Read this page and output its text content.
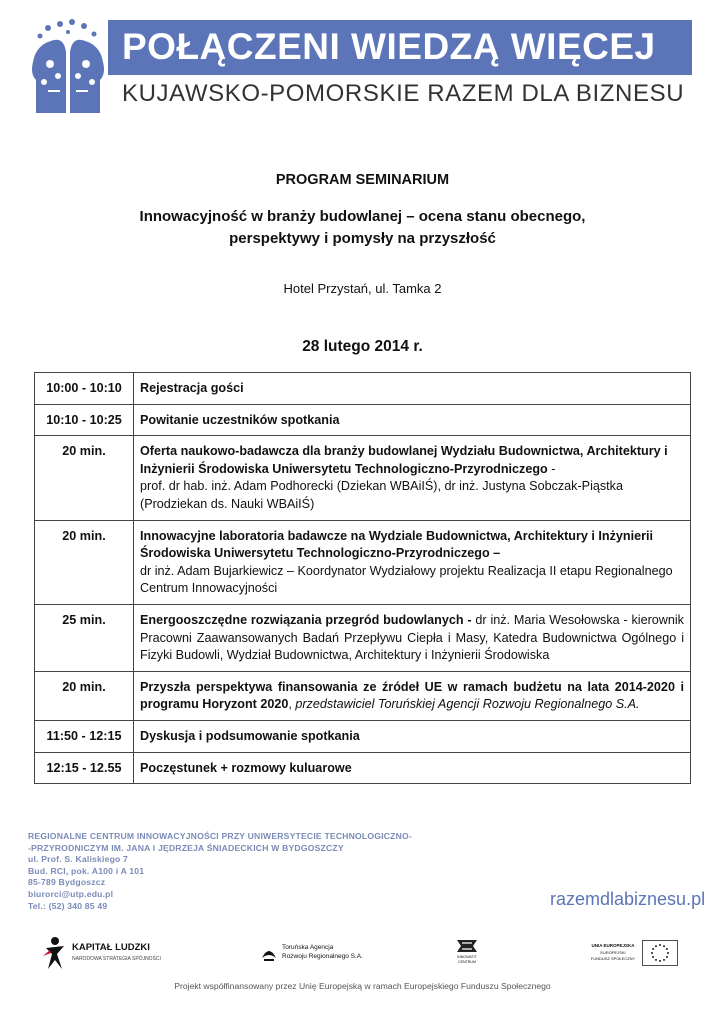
POŁĄCZENI WIEDZĄ WIĘCEJ
KUJAWSKO-POMORSKIE RAZEM DLA BIZNESU
PROGRAM SEMINARIUM
Innowacyjność w branży budowlanej – ocena stanu obecnego,
perspektywy i pomysły na przyszłość
Hotel Przystań, ul. Tamka 2
28 lutego 2014 r.
10:00 - 10:10	Rejestracja gości
10:10 - 10:25	Powitanie uczestników spotkania
20 min.	Oferta naukowo-badawcza dla branży budowlanej Wydziału Budownictwa, Architektury i Inżynierii Środowiska Uniwersytetu Technologiczno-Przyrodniczego -
prof. dr hab. inż. Adam Podhorecki (Dziekan WBAiIŚ), dr inż. Justyna Sobczak-Piąstka (Prodziekan ds. Nauki WBAiIŚ)
20 min.	Innowacyjne laboratoria badawcze na Wydziale Budownictwa, Architektury i Inżynierii Środowiska Uniwersytetu Technologiczno-Przyrodniczego –
dr inż. Adam Bujarkiewicz – Koordynator Wydziałowy projektu Realizacja II etapu Regionalnego Centrum Innowacyjności
25 min.	Energooszczędne rozwiązania przegród budowlanych - dr inż. Maria Wesołowska - kierownik Pracowni Zaawansowanych Badań Przepływu Ciepła i Masy, Katedra Budownictwa Ogólnego i Fizyki Budowli, Wydział Budownictwa, Architektury i Inżynierii Środowiska
20 min.	Przyszła perspektywa finansowania ze źródeł UE w ramach budżetu na lata 2014-2020 i programu Horyzont 2020, przedstawiciel Toruńskiej Agencji Rozwoju Regionalnego S.A.
11:50 - 12:15	Dyskusja i podsumowanie spotkania
12:15 - 12.55	Poczęstunek + rozmowy kuluarowe
REGIONALNE CENTRUM INNOWACYJNOŚCI PRZY UNIWERSYTECIE TECHNOLOGICZNO-
-PRZYRODNICZYM IM. JANA I JĘDRZEJA ŚNIADECKICH W BYDGOSZCZY
ul. Prof. S. Kaliskiego 7
Bud. RCI, pok. A100 i A 101
85-789 Bydgoszcz
biurorci@utp.edu.pl
Tel.: (52) 340 85 49	razemdlabiznesu.pl
KAPITAŁ LUDZKI
NARODOWA STRATEGIA SPÓJNOŚCI
Toruńska Agencja
Rozwoju Regionalnego S.A.	INNOWATIT
CENTRUM
UNIA EUROPEJSKA
EUROPEJSKI
FUNDUSZ SPOŁECZNY
Projekt współfinansowany przez Unię Europejską w ramach Europejskiego Funduszu Społecznego
